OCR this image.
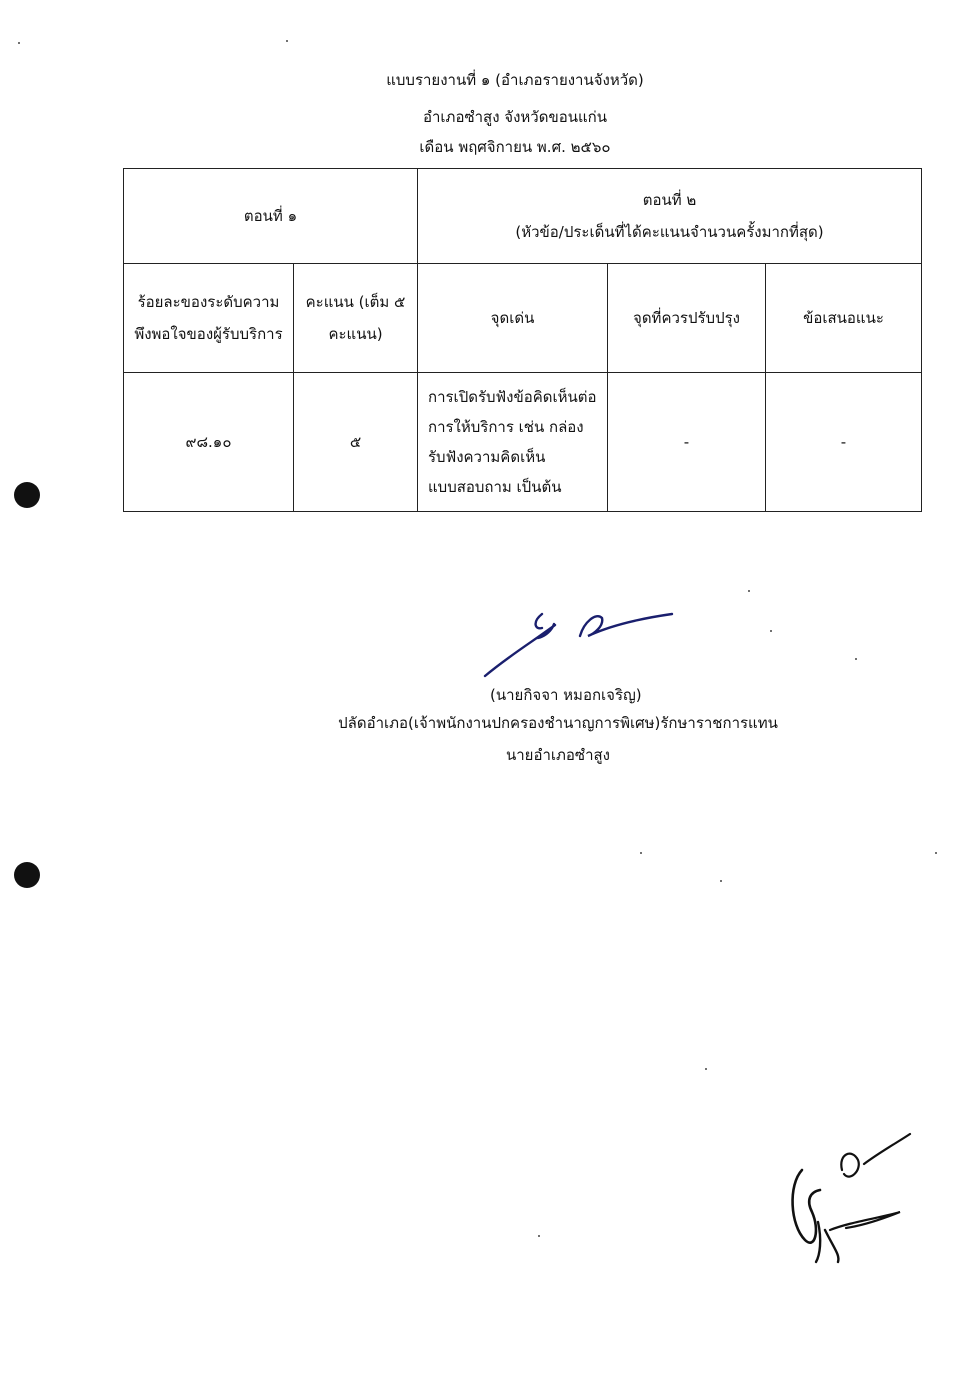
แบบรายงานที่ ๑ (อำเภอรายงานจังหวัด)
อำเภอซำสูง จังหวัดขอนแก่น
เดือน พฤศจิกายน พ.ศ. ๒๕๖๐
ตอนที่ ๑		ตอนที่ ๒
(หัวข้อ/ประเด็นที่ได้คะแนนจำนวนครั้งมากที่สุด)		

ร้อยละของระดับความพึงพอใจของผู้รับบริการ	คะแนน (เต็ม ๕ คะแนน)	จุดเด่น	จุดที่ควรปรับปรุง	ข้อเสนอแนะ
๙๘.๑๐	๕	การเปิดรับฟังข้อคิดเห็นต่อการให้บริการ เช่น กล่องรับฟังความคิดเห็น แบบสอบถาม เป็นต้น	-	-
(นายกิจจา หมอกเจริญ)
ปลัดอำเภอ(เจ้าพนักงานปกครองชำนาญการพิเศษ)รักษาราชการแทน
นายอำเภอซำสูง
